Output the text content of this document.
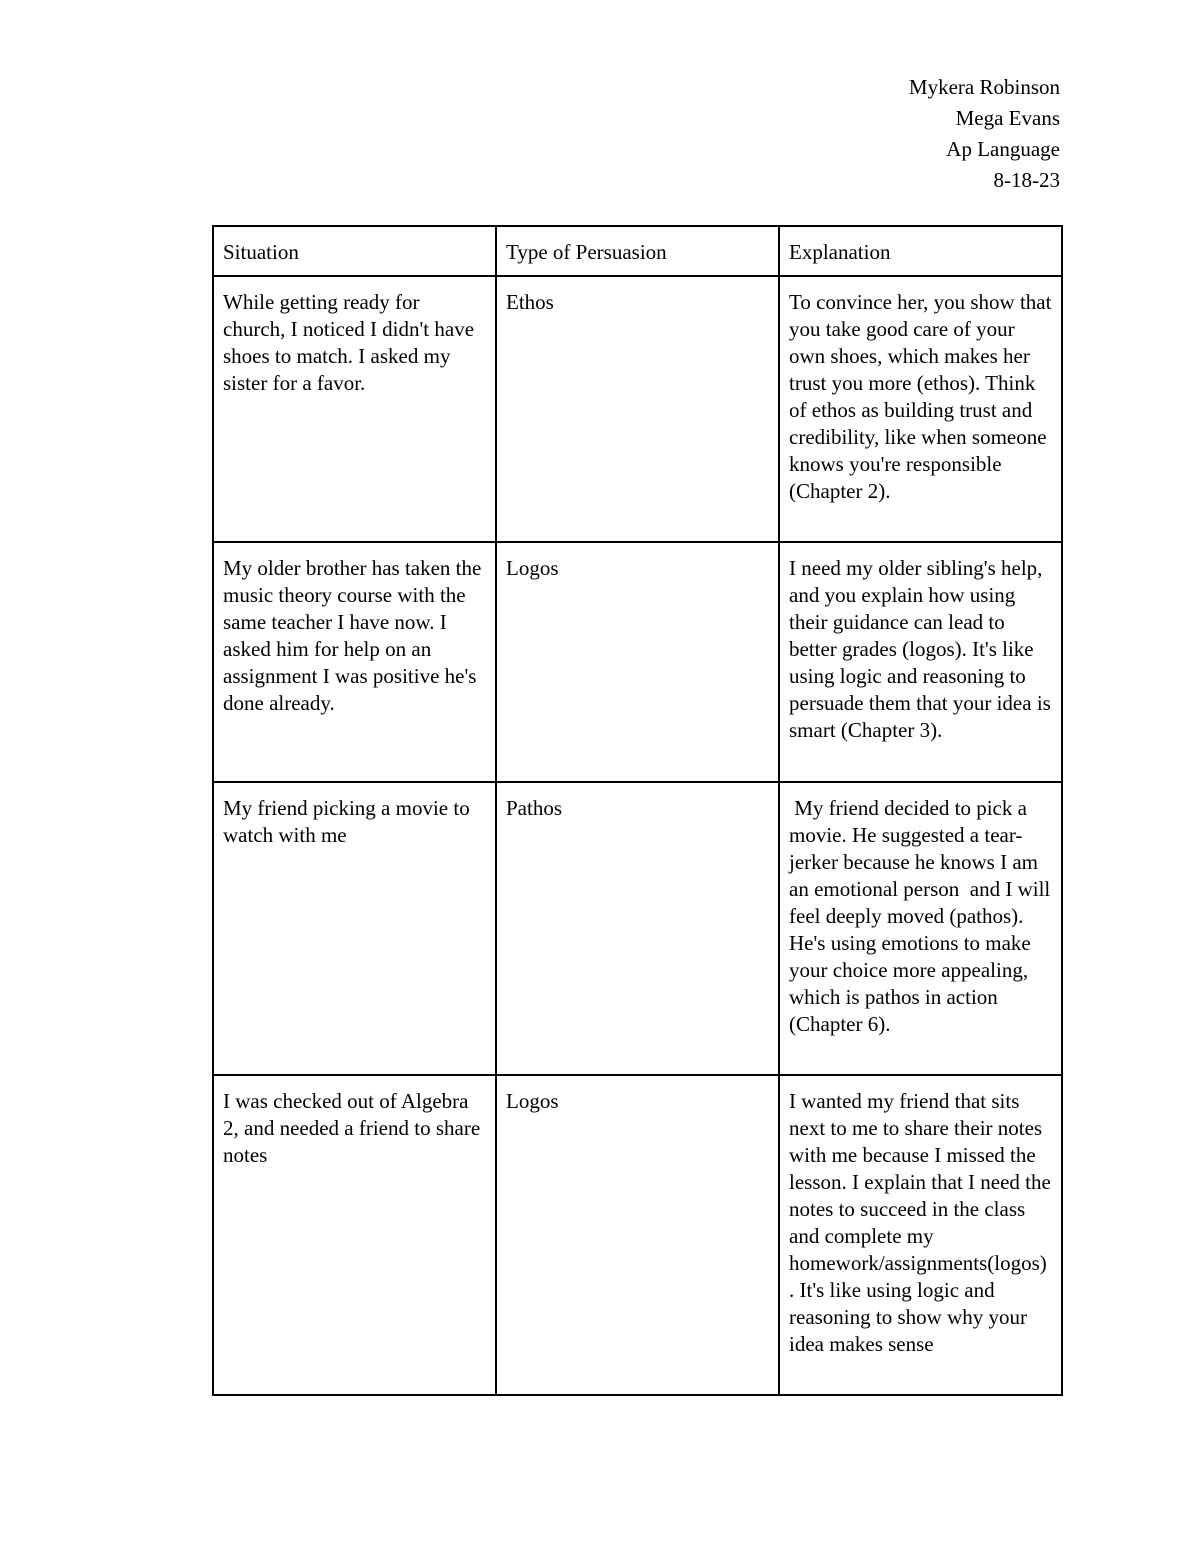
Mykera Robinson
Mega Evans
Ap Language
8-18-23
Situation	Type of Persuasion	Explanation
While getting ready for church, I noticed I didn't have shoes to match. I asked my sister for a favor.	Ethos	To convince her, you show that you take good care of your own shoes, which makes her trust you more (ethos). Think of ethos as building trust and credibility, like when someone knows you're responsible (Chapter 2).
My older brother has taken the music theory course with the same teacher I have now. I asked him for help on an assignment I was positive he's done already.	Logos	I need my older sibling's help, and you explain how using their guidance can lead to better grades (logos). It's like using logic and reasoning to persuade them that your idea is smart (Chapter 3).
My friend picking a movie to watch with me	Pathos	My friend decided to pick a movie. He suggested a tear-jerker because he knows I am an emotional person  and I will feel deeply moved (pathos). He's using emotions to make your choice more appealing, which is pathos in action (Chapter 6).
I was checked out of Algebra 2, and needed a friend to share notes	Logos	I wanted my friend that sits next to me to share their notes with me because I missed the lesson. I explain that I need the notes to succeed in the class and complete my homework/assignments(logos). It's like using logic and reasoning to show why your idea makes sense
